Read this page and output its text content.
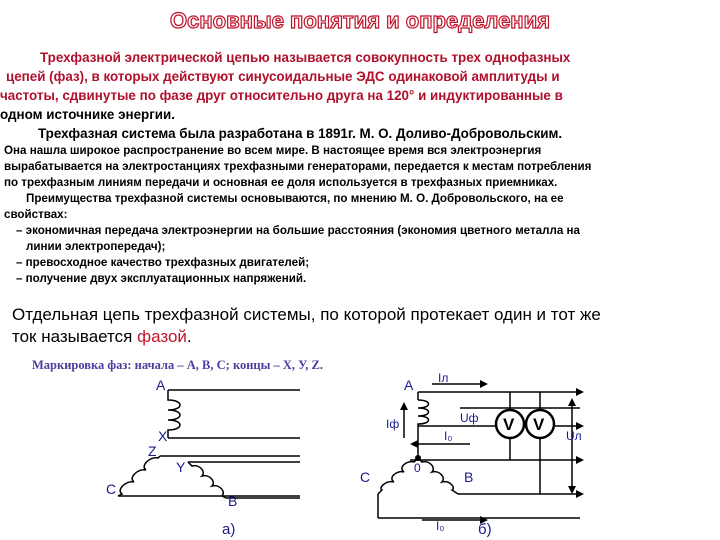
Основные понятия и определения
Трехфазной электрической цепью называется совокупность трех однофазных
цепей (фаз), в которых действуют синусоидальные ЭДС одинаковой амплитуды и
частоты, сдвинутые по фазе друг относительно друга на 120° и индуктированные в
одном источнике энергии.
Трехфазная система была разработана в 1891г. М. О. Доливо-Добровольским.
Она нашла широкое распространение во всем мире. В настоящее время вся электроэнергия
вырабатывается на электростанциях трехфазными генераторами, передается к местам потребления
по трехфазным линиям передачи и основная ее доля используется в трехфазных приемниках.
Преимущества трехфазной системы основываются, по мнению М. О. Добровольского, на ее
свойствах:
– экономичная передача электроэнергии на большие расстояния (экономия цветного металла на
линии электропередач);
– превосходное качество трехфазных двигателей;
– получение двух эксплуатационных напряжений.
Отдельная цепь трехфазной системы, по которой протекает один и тот же
ток называется фазой.
Маркировка фаз: начала – А, В, С; концы – Х, У, Z.
A
X
Z
Y
C
B
а)
V V
A Iл
Iф	Uф
Uл
I₀
0
C	B
I₀ б)
